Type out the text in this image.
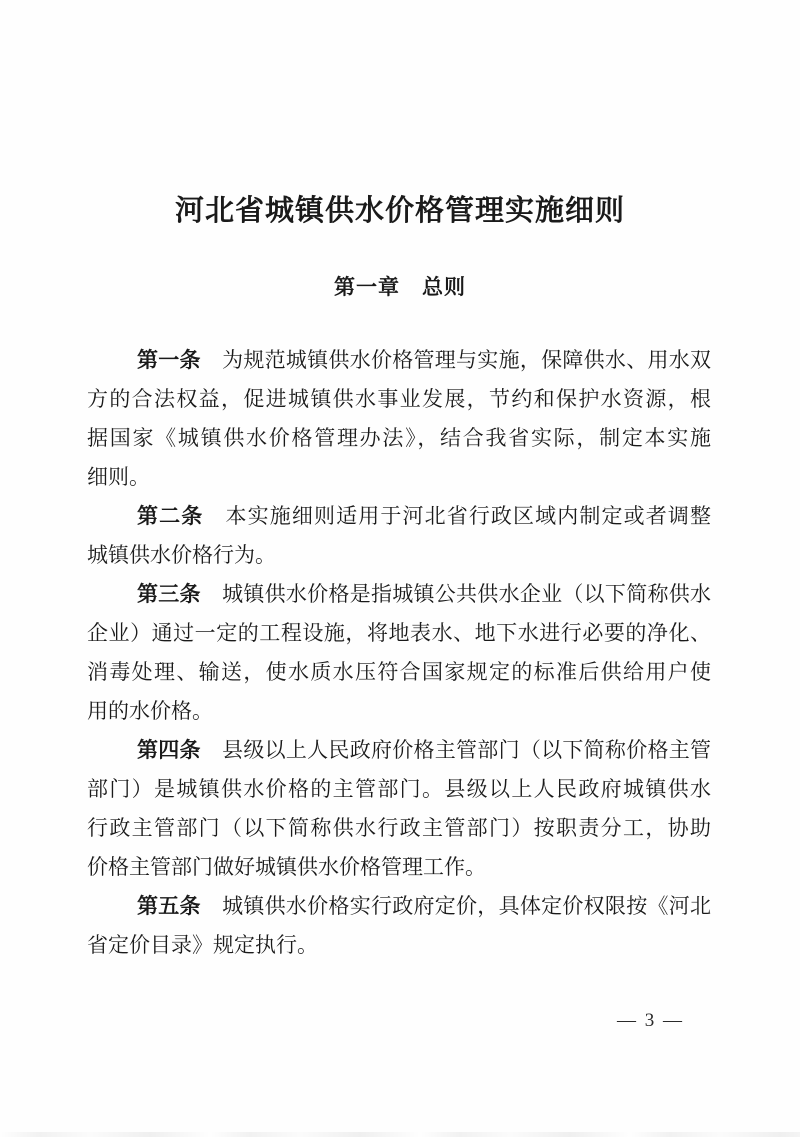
河北省城镇供水价格管理实施细则
第一章　总则
第一条　为规范城镇供水价格管理与实施，保障供水、用水双
方的合法权益，促进城镇供水事业发展，节约和保护水资源，根
据国家《城镇供水价格管理办法》，结合我省实际，制定本实施
细则。
第二条　本实施细则适用于河北省行政区域内制定或者调整
城镇供水价格行为。
第三条　城镇供水价格是指城镇公共供水企业（以下简称供水
企业）通过一定的工程设施，将地表水、地下水进行必要的净化、
消毒处理、输送，使水质水压符合国家规定的标准后供给用户使
用的水价格。
第四条　县级以上人民政府价格主管部门（以下简称价格主管
部门）是城镇供水价格的主管部门。县级以上人民政府城镇供水
行政主管部门（以下简称供水行政主管部门）按职责分工，协助
价格主管部门做好城镇供水价格管理工作。
第五条　城镇供水价格实行政府定价，具体定价权限按《河北
省定价目录》规定执行。
— 3 —
